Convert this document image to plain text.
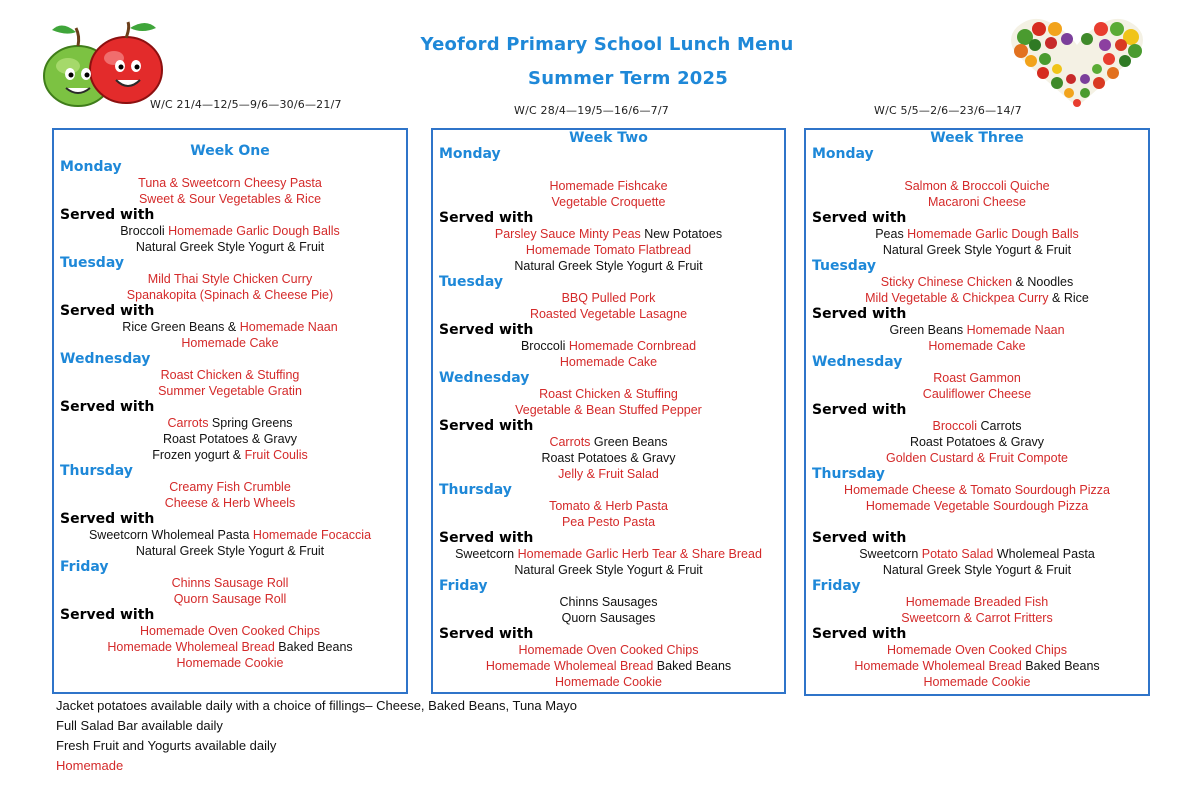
Yeoford Primary School Lunch Menu
Summer Term 2025
W/C 21/4—12/5—9/6—30/6—21/7	W/C 28/4—19/5—16/6—7/7	W/C 5/5—2/6—23/6—14/7
Week One
Monday
Tuna & Sweetcorn Cheesy Pasta
Sweet & Sour Vegetables & Rice
Served with
Broccoli Homemade Garlic Dough Balls
Natural Greek Style Yogurt & Fruit
Tuesday
Mild Thai Style Chicken Curry
Spanakopita (Spinach & Cheese Pie)
Served with
Rice Green Beans & Homemade Naan
Homemade Cake
Wednesday
Roast Chicken & Stuffing
Summer Vegetable Gratin
Served with
Carrots Spring Greens
Roast Potatoes & Gravy
Frozen yogurt & Fruit Coulis
Thursday
Creamy Fish Crumble
Cheese & Herb Wheels
Served with
Sweetcorn Wholemeal Pasta Homemade Focaccia
Natural Greek Style Yogurt & Fruit
Friday
Chinns Sausage Roll
Quorn Sausage Roll
Served with
Homemade Oven Cooked Chips
Homemade Wholemeal Bread Baked Beans
Homemade Cookie
Week Two
Monday
Homemade Fishcake
Vegetable Croquette
Served with
Parsley Sauce Minty Peas New Potatoes
Homemade Tomato Flatbread
Natural Greek Style Yogurt & Fruit
Tuesday
BBQ Pulled Pork
Roasted Vegetable Lasagne
Served with
Broccoli Homemade Cornbread
Homemade Cake
Wednesday
Roast Chicken & Stuffing
Vegetable & Bean Stuffed Pepper
Served with
Carrots Green Beans
Roast Potatoes & Gravy
Jelly & Fruit Salad
Thursday
Tomato & Herb Pasta
Pea Pesto Pasta
Served with
Sweetcorn Homemade Garlic Herb Tear & Share Bread
Natural Greek Style Yogurt & Fruit
Friday
Chinns Sausages
Quorn Sausages
Served with
Homemade Oven Cooked Chips
Homemade Wholemeal Bread Baked Beans
Homemade Cookie
Week Three
Monday
Salmon & Broccoli Quiche
Macaroni Cheese
Served with
Peas Homemade Garlic Dough Balls
Natural Greek Style Yogurt & Fruit
Tuesday
Sticky Chinese Chicken & Noodles
Mild Vegetable & Chickpea Curry & Rice
Served with
Green Beans Homemade Naan
Homemade Cake
Wednesday
Roast Gammon
Cauliflower Cheese
Served with
Broccoli Carrots
Roast Potatoes & Gravy
Golden Custard & Fruit Compote
Thursday
Homemade Cheese & Tomato Sourdough Pizza
Homemade Vegetable Sourdough Pizza
Served with
Sweetcorn Potato Salad Wholemeal Pasta
Natural Greek Style Yogurt & Fruit
Friday
Homemade Breaded Fish
Sweetcorn & Carrot Fritters
Served with
Homemade Oven Cooked Chips
Homemade Wholemeal Bread Baked Beans
Homemade Cookie
Jacket potatoes available daily with a choice of fillings– Cheese, Baked Beans, Tuna Mayo
Full Salad Bar available daily
Fresh Fruit and Yogurts available daily
Homemade
